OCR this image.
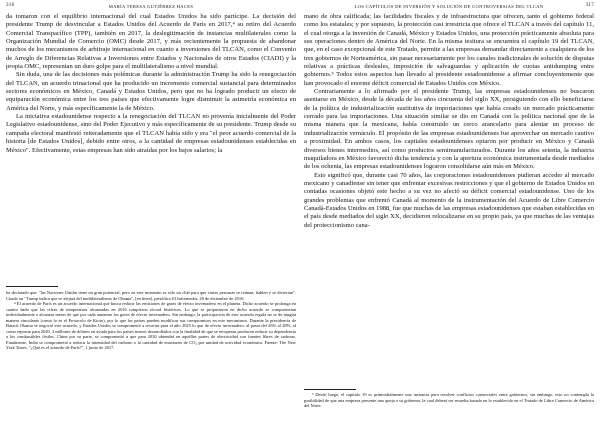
316	MARÍA TERESA GUTIÉRREZ HACES

da tomaron con el equilibrio internacional del cual Estados Unidos ha sido partícipe. La decisión del presidente Trump de desvincular a Estados Unidos del Acuerdo de París en 2017,⁴ su retiro del Acuerdo Comercial Transpacífico (TPP), también en 2017, la deslegitimación de instancias multilaterales como la Organización Mundial de Comercio (OMC) desde 2017, y más recientemente la propuesta de abandonar muchos de los mecanismos de arbitraje internacional en cuanto a inversiones del TLCAN, como el Convenio de Arreglo de Diferencias Relativas a Inversiones entre Estados y Nacionales de otros Estados (CIADI) y la propia OMC, representan un duro golpe para el multilateralismo a nivel mundial.

Sin duda, una de las decisiones más polémicas durante la administración Trump ha sido la renegociación del TLCAN, un acuerdo trinacional que ha producido un incremento comercial sustancial para determinados sectores económicos en México, Canadá y Estados Unidos, pero que no ha logrado producir un efecto de equiparación económica entre los tres países que efectivamente logre disminuir la asimetría económica en América del Norte, y más específicamente la de México.

La iniciativa estadounidense respecto a la renegociación del TLCAN no provenía inicialmente del Poder Legislativo estadounidense, sino del Poder Ejecutivo y más específicamente de su presidente. Trump desde su campaña electoral manifestó reiteradamente que el TLCAN había sido y era "el peor acuerdo comercial de la historia [de Estados Unidos], debido entre otros, a la cantidad de empresas estadounidenses establecidas en México". Efectivamente, estas empresas han sido atraídas por los bajos salarios; la

ha declarado que: "las Naciones Unidas tiene un gran potencial, pero en este momento es sólo un club para que varias personas se reúnan, hablen y se diviertan". Citado en "Trump indica que se alejará del multilateralismo de Obama", [en línea], periódico El Informador, 28 de diciembre de 2016.

⁴ El acuerdo de París es un acuerdo internacional que busca reducir las emisiones de gases de efecto invernadero en el planeta. Dicho acuerdo se prolonga en cuanto dado que las cifras de temperatura alcanzadas en 2016 rompieron récord históricos. Lo que se propusieron en dicho acuerdo se comprometan individualmente a alcanzar metas de que por cada aumento los gases de efecto invernadero. Sin embargo, la participación de este acuerdo regula no se de ningún manera vinculante (como lo es el Protocolo de Kioto), por lo que los países pueden modificar sus compromisos en este mecanismo. Durante la presidencia de Barack Obama se negoció este acuerdo, y Estados Unidos se comprometió a recortar para el año 2025 lo que de efecto invernadero, al pasar del 26% al 28%, al como reportar para 2020, 3 millones de dólares en ayuda para los países menos desarrollados con la finalidad de que se recuperan producen reducir su dependencia a los combustibles fósiles. China por su parte, se comprometió a que para 2030 obtendrá en aquéllas partes de electricidad con fuentes libres de carbono. Finalmente, India se comprometió a reducir la intensidad del carbono o la cantidad de emisiones de CO₂ por unidad de actividad económica. Fuente: The New York Times, "¿Qué es el acuerdo de París?", 1 junio de 2017.

LOS CAPÍTULOS DE INVERSIÓN Y SOLUCIÓN DE CONTROVERSIAS DEL TLCAN	317

mano de obra calificada; las facilidades fiscales y de infraestructura que ofrecen, tanto el gobierno federal como los estatales; y por supuesto, la protección casi irrestricta que ofrece el TLCAN a través del capítulo 11, el cual otorga a la inversión de Canadá, México y Estados Unidos, una protección prácticamente absoluta para sus operaciones dentro de América del Norte. En la misma tesitura se encuentra el capítulo 19 del TLCAN, que, en el caso excepcional de este Tratado, permite a las empresas demandar directamente a cualquiera de los tres gobiernos de Norteamérica, sin pasar necesariamente por los canales tradicionales de solución de disputas relativas a prácticas desleales, imposición de salvaguardas y aplicación de cuotas antidumping entre gobiernos.⁵ Todos estos aspectos han llevado al presidente estadounidense a afirmar concluyentemente que han provocado el enorme déficit comercial de Estados Unidos con México.

Contrariamente a lo afirmado por el presidente Trump, las empresas estadounidenses no buscaron asentarse en México, desde la década de los años cincuenta del siglo XX, persiguiendo con ello beneficiarse de la política de industrialización sustitutiva de importaciones que había creado un mercado prácticamente cerrado para las importaciones. Una situación similar se dio en Canadá con la política nacional que de la misma manera que la mexicana, había construido un cerco arancelario para alentar un proceso de industrialización vernáculo. El propósito de las empresas estadounidenses fue aprovechar un mercado cautivo a proximidad. En ambos casos, los capitales estadounidenses optaron por producir en México y Canadá diversos bienes intermedios, así como productos semimanufacturados. Durante los años setenta, la industria maquiladora en México favoreció dicha tendencia y con la apertura económica instrumentada desde mediados de los ochenta, las empresas estadounidenses lograron consolidarse aún más en México.

Esto significó que, durante casi 70 años, las corporaciones estadounidenses pudieran acceder al mercado mexicano y canadiense sin tener que enfrentar excesivas restricciones y que el gobierno de Estados Unidos en contadas ocasiones objetó este hecho a su vez no afectó su déficit comercial estadounidense. Uno de los grandes problemas que enfrentó Canadá al momento de la instrumentación del Acuerdo de Libre Comercio Canadá-Estados Unidos en 1988, fue que muchas de las empresas estadounidenses que estaban establecidas en el país desde mediados del siglo XX, decidieron relocalizarse en su propio país, ya que muchas de las ventajas del proteccionismo cana-

⁵ Desde luego, el capítulo 19 es primordialmente una instancia para resolver conflictos comerciales entre gobiernos, sin embargo, esto no contempla la posibilidad de que una empresa presente una queja a su gobierno, la cual deberá ser resuelta basada en lo establecido en el Tratado de Libre Comercio de América del Norte.
